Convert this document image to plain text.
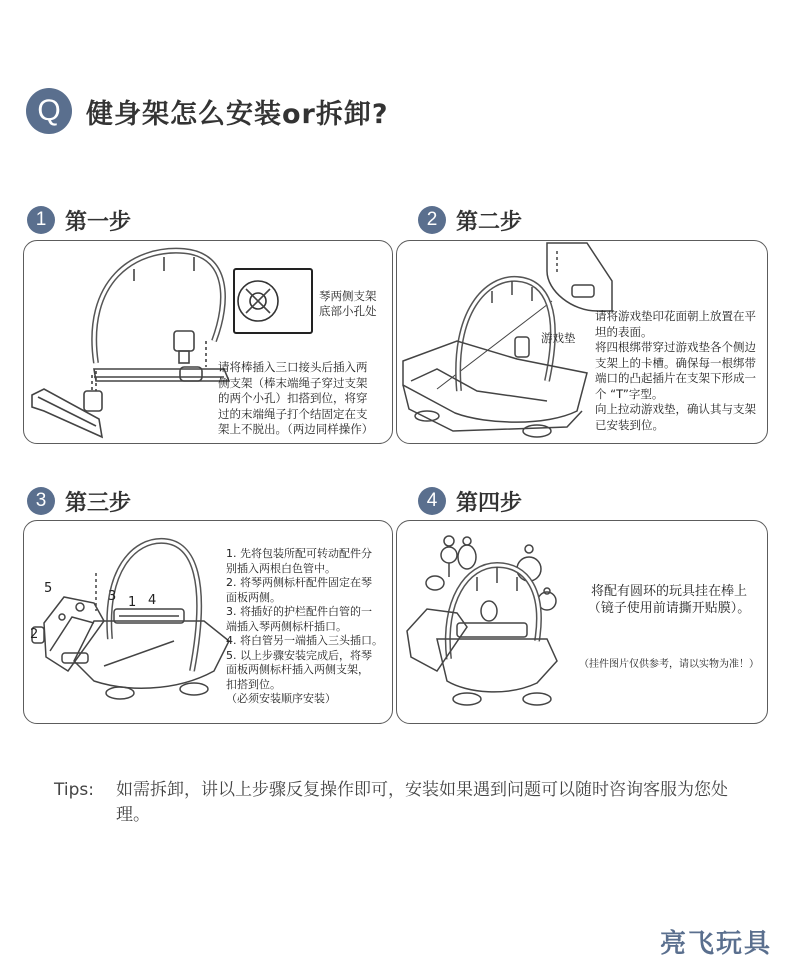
Q 健身架怎么安装or拆卸?
1 第一步	2 第二步
3 第三步	4 第四步

琴两侧支架

底部小孔处

请将棒插入三口接头后插入两

侧支架（棒末端绳子穿过支架

的两个小孔）扣搭到位，将穿

过的末端绳子打个结固定在支

架上不脱出。（两边同样操作）

游戏垫

请将游戏垫印花面朝上放置在平

坦的表面。

将四根绑带穿过游戏垫各个侧边

支架上的卡槽。确保每一根绑带

端口的凸起插片在支架下形成一

个 “T”字型。

向上拉动游戏垫，确认其与支架

已安装到位。

5
3 1 4
2

1. 先将包装所配可转动配件分

别插入两根白色管中。

2. 将琴两侧标杆配件固定在琴

面板两侧。

3. 将插好的护栏配件白管的一

端插入琴两侧标杆插口。

4. 将白管另一端插入三头插口。

5. 以上步骤安装完成后，将琴

面板两侧标杆插入两侧支架，

扣搭到位。

（必须安装顺序安装）

将配有圆环的玩具挂在棒上

（镜子使用前请撕开贴膜）。

（挂件图片仅供参考，请以实物为准！）
Tips: 如需拆卸，讲以上步骤反复操作即可，安装如果遇到问题可以随时咨询客服为您处理。
亮飞玩具
